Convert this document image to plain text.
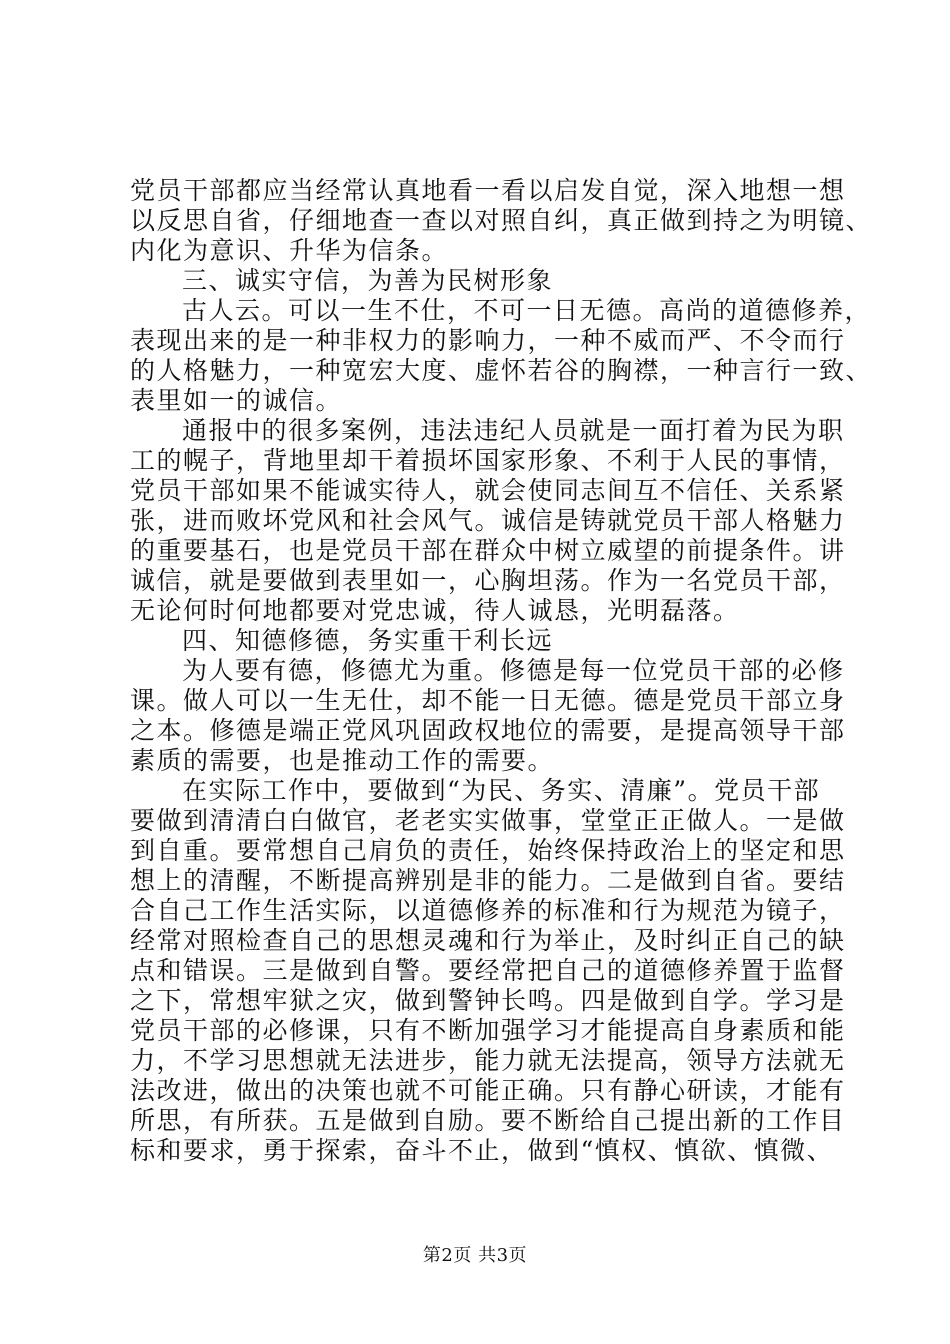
党员干部都应当经常认真地看一看以启发自觉，深入地想一想
以反思自省，仔细地查一查以对照自纠，真正做到持之为明镜、
内化为意识、升华为信条。
三、诚实守信，为善为民树形象
古人云。可以一生不仕，不可一日无德。高尚的道德修养，
表现出来的是一种非权力的影响力，一种不威而严、不令而行
的人格魅力，一种宽宏大度、虚怀若谷的胸襟，一种言行一致、
表里如一的诚信。
通报中的很多案例，违法违纪人员就是一面打着为民为职
工的幌子，背地里却干着损坏国家形象、不利于人民的事情，
党员干部如果不能诚实待人，就会使同志间互不信任、关系紧
张，进而败坏党风和社会风气。诚信是铸就党员干部人格魅力
的重要基石，也是党员干部在群众中树立威望的前提条件。讲
诚信，就是要做到表里如一，心胸坦荡。作为一名党员干部，
无论何时何地都要对党忠诚，待人诚恳，光明磊落。
四、知德修德，务实重干利长远
为人要有德，修德尤为重。修德是每一位党员干部的必修
课。做人可以一生无仕，却不能一日无德。德是党员干部立身
之本。修德是端正党风巩固政权地位的需要，是提高领导干部
素质的需要，也是推动工作的需要。
在实际工作中，要做到“为民、务实、清廉”。党员干部
要做到清清白白做官，老老实实做事，堂堂正正做人。一是做
到自重。要常想自己肩负的责任，始终保持政治上的坚定和思
想上的清醒，不断提高辨别是非的能力。二是做到自省。要结
合自己工作生活实际，以道德修养的标准和行为规范为镜子，
经常对照检查自己的思想灵魂和行为举止，及时纠正自己的缺
点和错误。三是做到自警。要经常把自己的道德修养置于监督
之下，常想牢狱之灾，做到警钟长鸣。四是做到自学。学习是
党员干部的必修课，只有不断加强学习才能提高自身素质和能
力，不学习思想就无法进步，能力就无法提高，领导方法就无
法改进，做出的决策也就不可能正确。只有静心研读，才能有
所思，有所获。五是做到自励。要不断给自己提出新的工作目
标和要求，勇于探索，奋斗不止，做到“慎权、慎欲、慎微、
第2页 共3页
